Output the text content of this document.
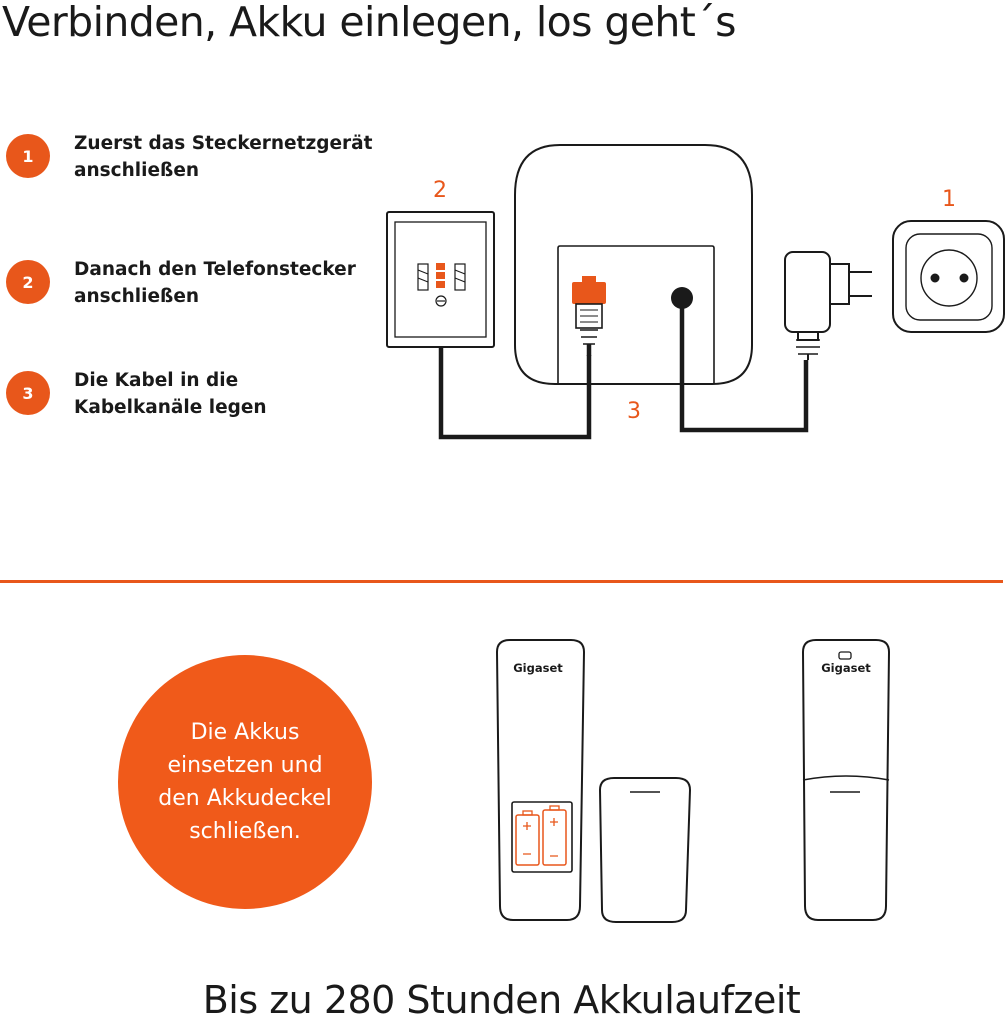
Verbinden, Akku einlegen, los geht´s
1
Zuerst das Steckernetzgerät
anschließen
2
Danach den Telefonstecker
anschließen
3
Die Kabel in die
Kabelkanäle legen
2	1
3
Die Akkus
einsetzen und
den Akkudeckel
schließen.
Gigaset	Gigaset
Bis zu 280 Stunden Akkulaufzeit
